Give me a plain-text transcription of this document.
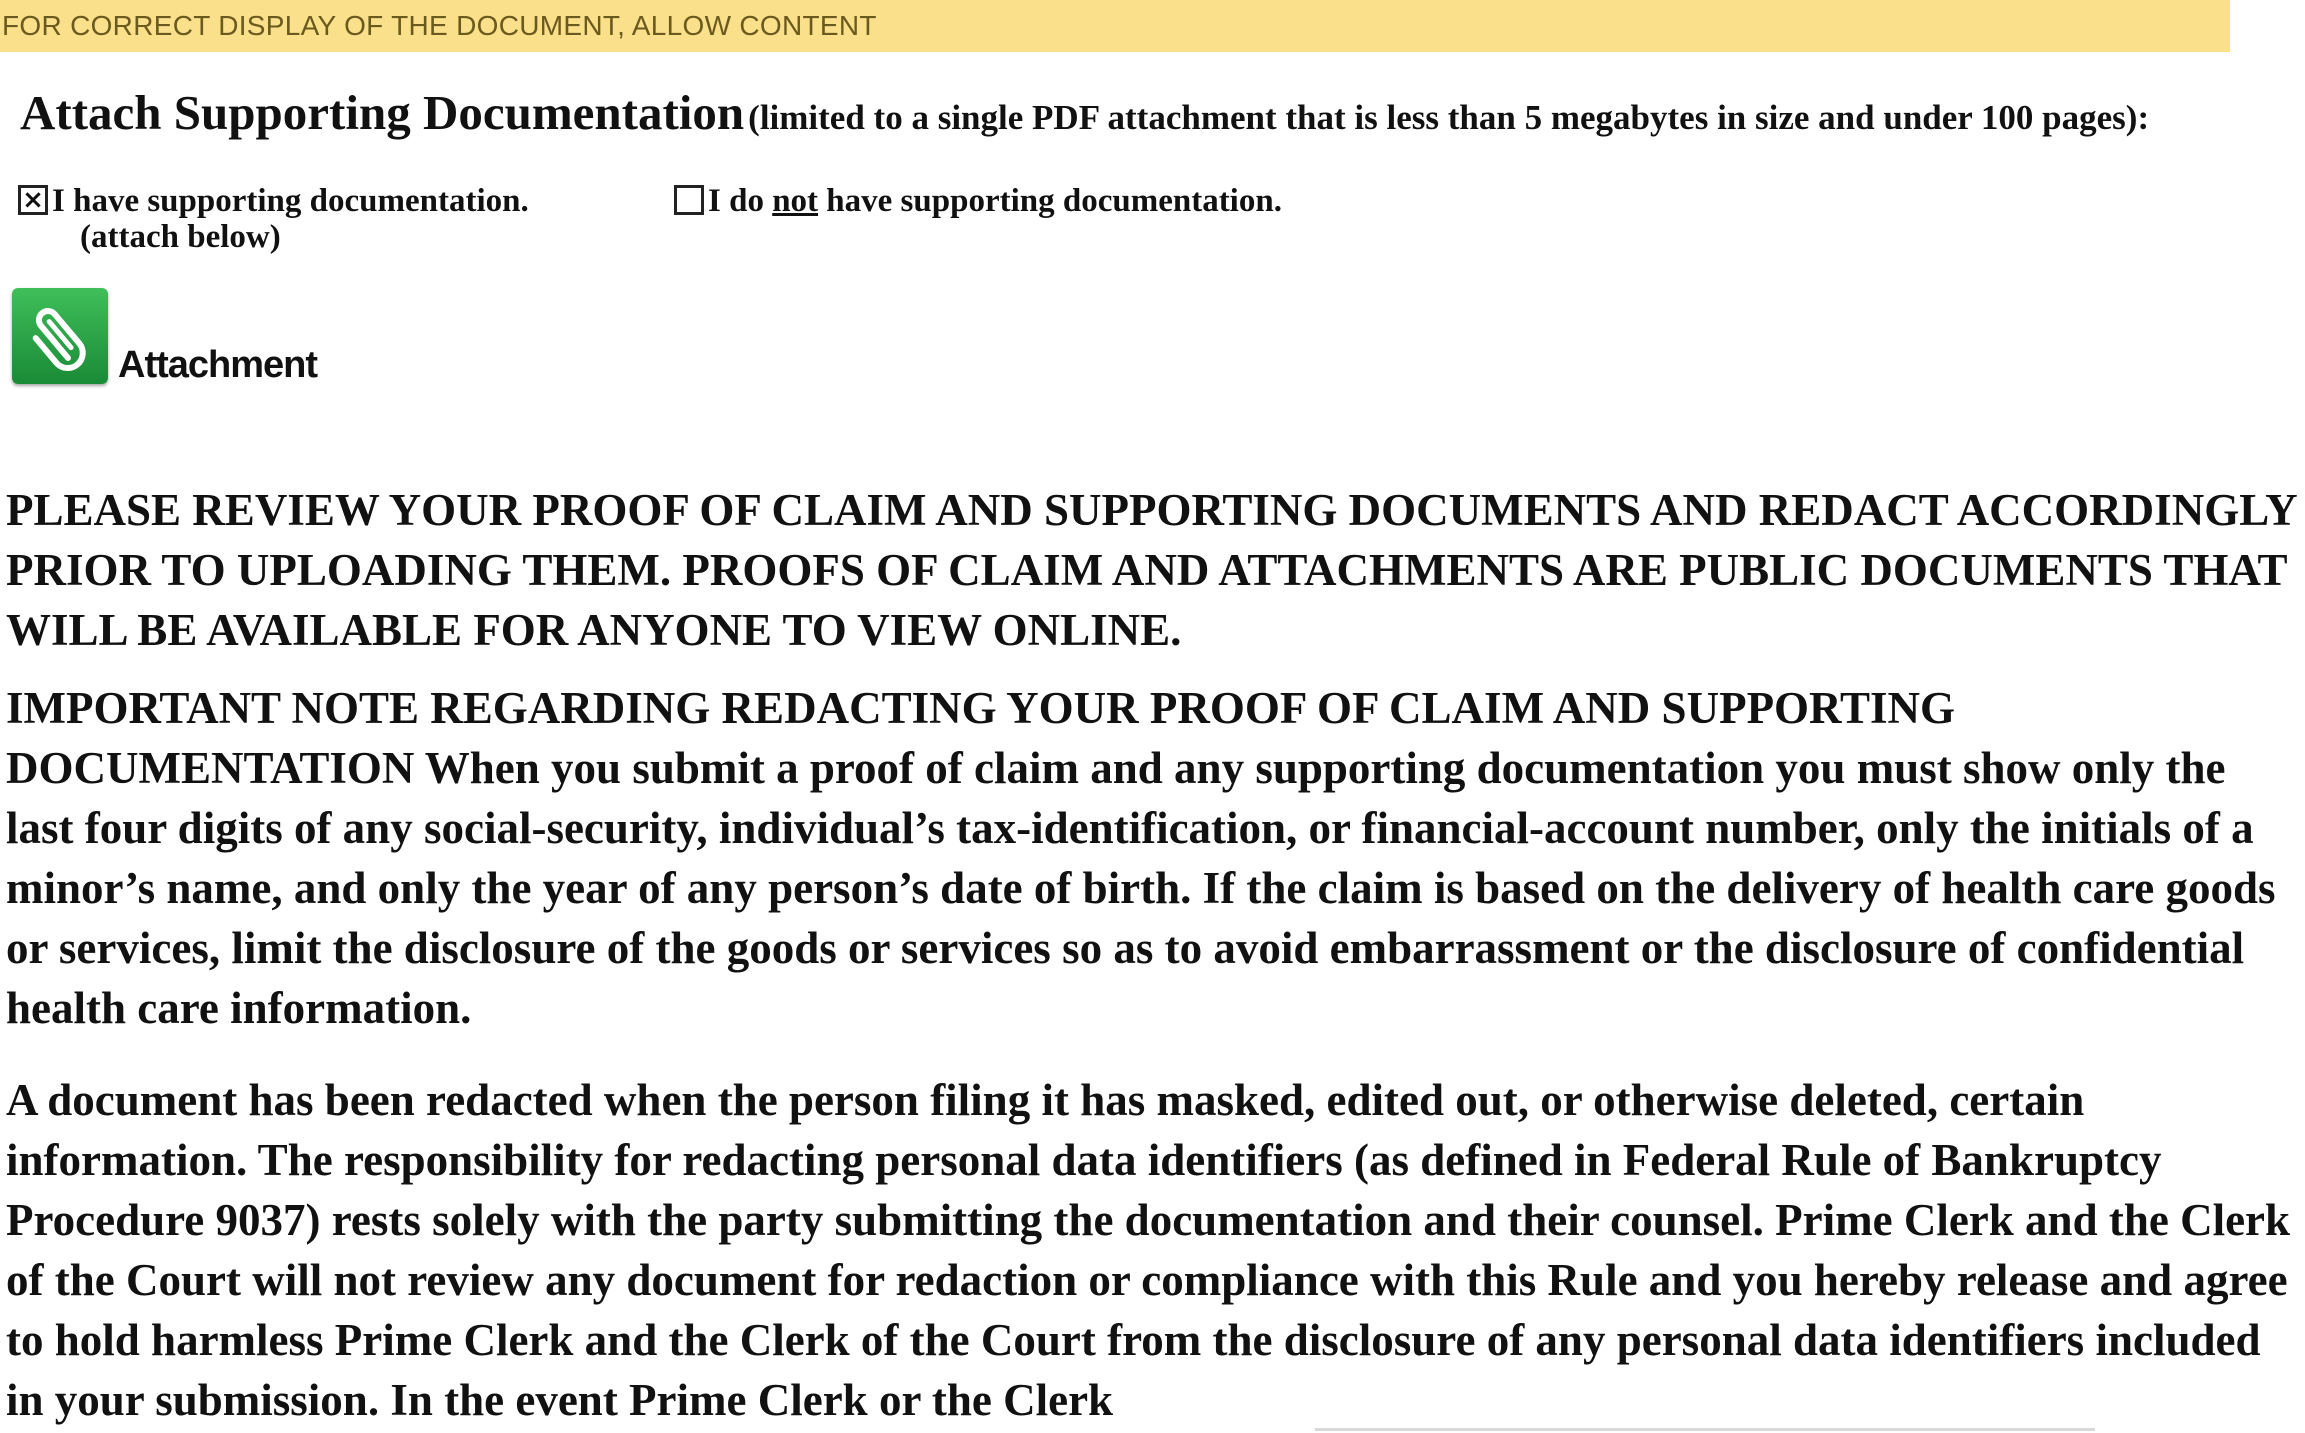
FOR CORRECT DISPLAY OF THE DOCUMENT, ALLOW CONTENT
Attach Supporting Documentation (limited to a single PDF attachment that is less than 5 megabytes in size and under 100 pages):
× I have supporting documentation.
(attach below)
I do not have supporting documentation.
Attachment
PLEASE REVIEW YOUR PROOF OF CLAIM AND SUPPORTING DOCUMENTS AND REDACT ACCORDINGLY PRIOR TO UPLOADING THEM. PROOFS OF CLAIM AND ATTACHMENTS ARE PUBLIC DOCUMENTS THAT WILL BE AVAILABLE FOR ANYONE TO VIEW ONLINE.
IMPORTANT NOTE REGARDING REDACTING YOUR PROOF OF CLAIM AND SUPPORTING DOCUMENTATION When you submit a proof of claim and any supporting documentation you must show only the last four digits of any social-security, individual’s tax-identification, or financial-account number, only the initials of a minor’s name, and only the year of any person’s date of birth. If the claim is based on the delivery of health care goods or services, limit the disclosure of the goods or services so as to avoid embarrassment or the disclosure of confidential health care information.
A document has been redacted when the person filing it has masked, edited out, or otherwise deleted, certain information. The responsibility for redacting personal data identifiers (as defined in Federal Rule of Bankruptcy Procedure 9037) rests solely with the party submitting the documentation and their counsel. Prime Clerk and the Clerk of the Court will not review any document for redaction or compliance with this Rule and you hereby release and agree to hold harmless Prime Clerk and the Clerk of the Court from the disclosure of any personal data identifiers included in your submission. In the event Prime Clerk or the Clerk
